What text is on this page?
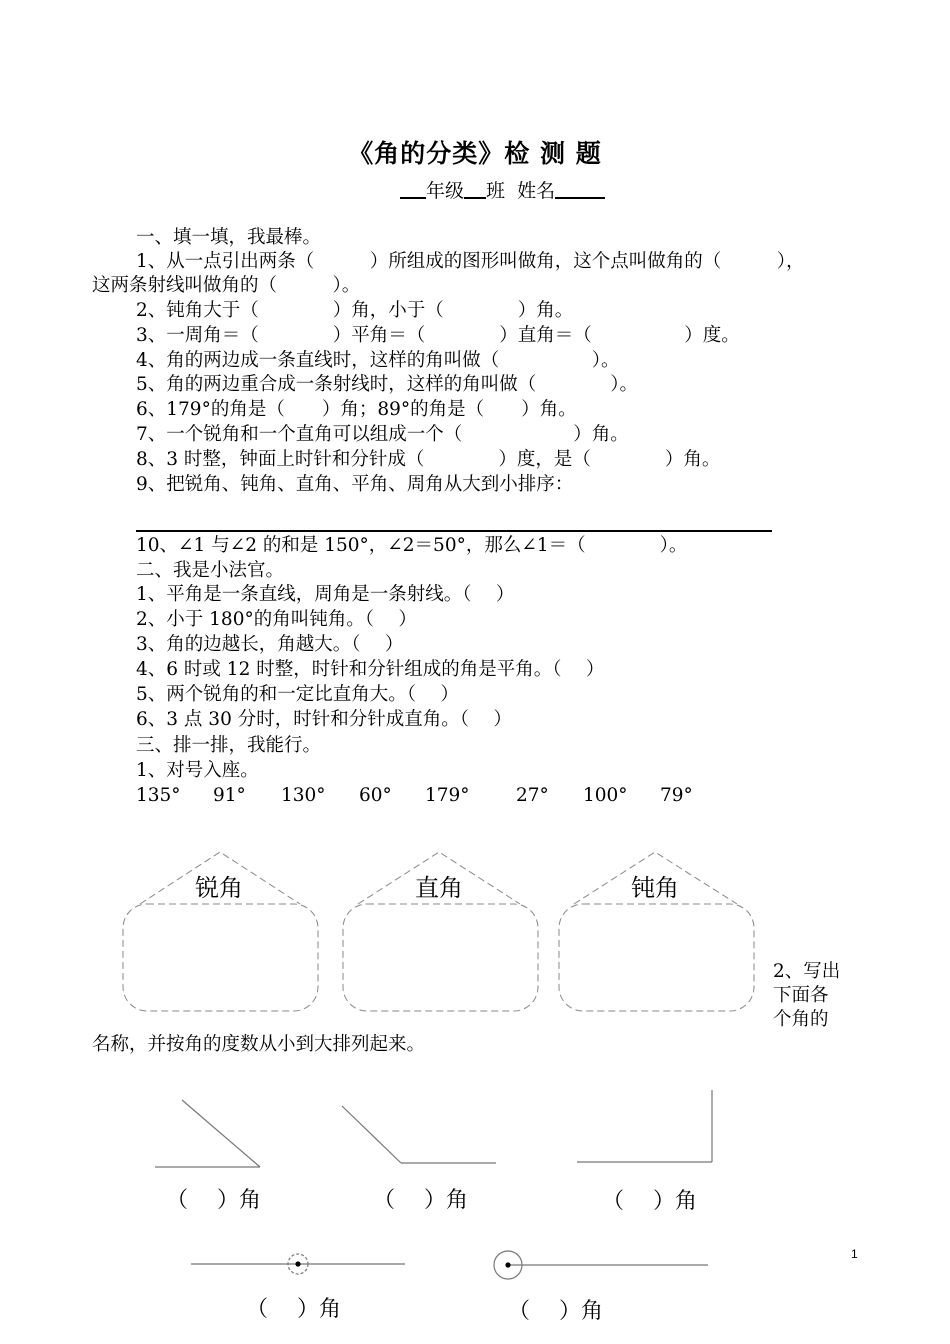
《角的分类》检 测 题
年级 班 姓名
一、填一填，我最棒。
1、从一点引出两条（　　　）所组成的图形叫做角，这个点叫做角的（　　　），
这两条射线叫做角的（　　　）。
2、钝角大于（　　　　）角，小于（　　　　）角。
3、一周角＝（　　　　）平角＝（　　　　）直角＝（　　　　　）度。
4、角的两边成一条直线时，这样的角叫做（　　　　　）。
5、角的两边重合成一条射线时，这样的角叫做（　　　　）。
6、179°的角是（　　）角；89°的角是（　　）角。
7、一个锐角和一个直角可以组成一个（　　　　　　）角。
8、3 时整，钟面上时针和分针成（　　　　）度，是（　　　　）角。
9、把锐角、钝角、直角、平角、周角从大到小排序：
10、∠1 与∠2 的和是 150°，∠2＝50°，那么∠1＝（　　　　）。
二、我是小法官。
1、平角是一条直线，周角是一条射线。（　 ）
2、小于 180°的角叫钝角。（　 ）
3、角的边越长，角越大。（　 ）
4、6 时或 12 时整，时针和分针组成的角是平角。（　 ）
5、两个锐角的和一定比直角大。（　 ）
6、3 点 30 分时，时针和分针成直角。（　 ）
三、排一排，我能行。
1、对号入座。
135° 91° 130° 60° 179°	27° 100° 79°
锐角	直角	钝角
2、写出
下面各
个角的
名称，并按角的度数从小到大排列起来。
（　 ）角	（　 ）角	（　 ）角
（　 ）角	（　 ）角
1
